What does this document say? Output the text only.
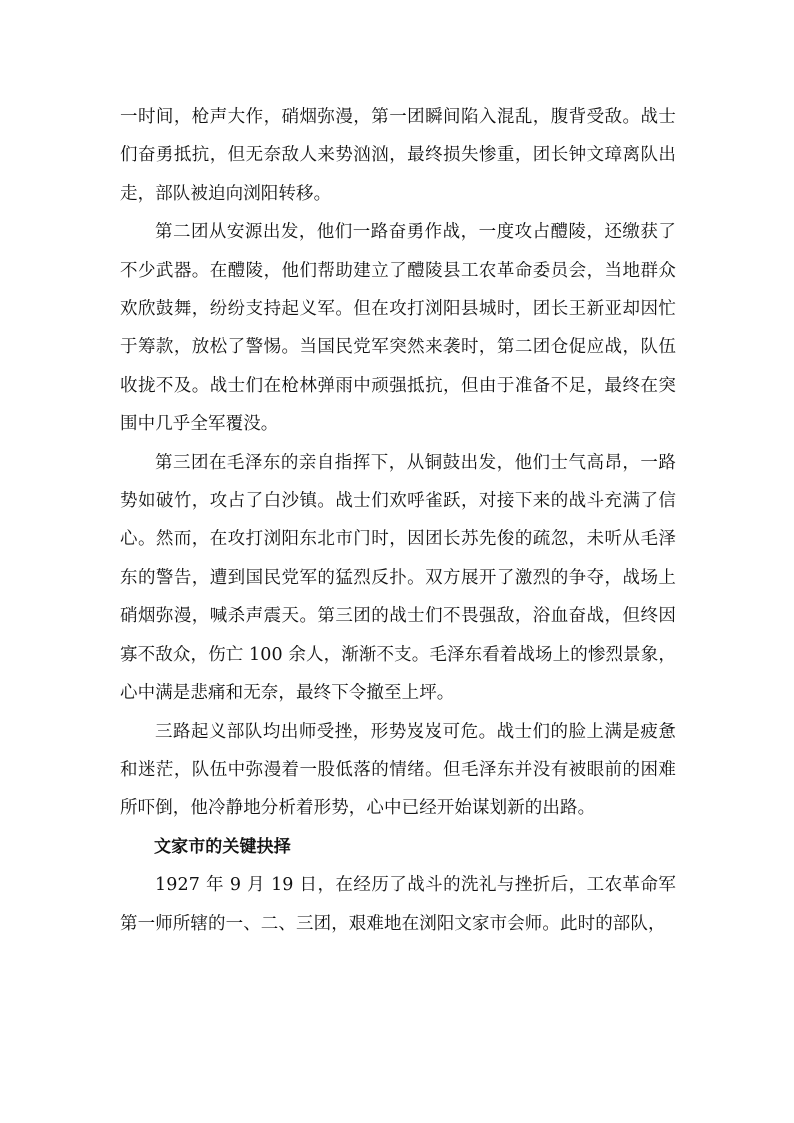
一时间，枪声大作，硝烟弥漫，第一团瞬间陷入混乱，腹背受敌。战士们奋勇抵抗，但无奈敌人来势汹汹，最终损失惨重，团长钟文璋离队出走，部队被迫向浏阳转移。

第二团从安源出发，他们一路奋勇作战，一度攻占醴陵，还缴获了不少武器。在醴陵，他们帮助建立了醴陵县工农革命委员会，当地群众欢欣鼓舞，纷纷支持起义军。但在攻打浏阳县城时，团长王新亚却因忙于筹款，放松了警惕。当国民党军突然来袭时，第二团仓促应战，队伍收拢不及。战士们在枪林弹雨中顽强抵抗，但由于准备不足，最终在突围中几乎全军覆没。

第三团在毛泽东的亲自指挥下，从铜鼓出发，他们士气高昂，一路势如破竹，攻占了白沙镇。战士们欢呼雀跃，对接下来的战斗充满了信心。然而，在攻打浏阳东北市门时，因团长苏先俊的疏忽，未听从毛泽东的警告，遭到国民党军的猛烈反扑。双方展开了激烈的争夺，战场上硝烟弥漫，喊杀声震天。第三团的战士们不畏强敌，浴血奋战，但终因寡不敌众，伤亡 100 余人，渐渐不支。毛泽东看着战场上的惨烈景象，心中满是悲痛和无奈，最终下令撤至上坪。

三路起义部队均出师受挫，形势岌岌可危。战士们的脸上满是疲惫和迷茫，队伍中弥漫着一股低落的情绪。但毛泽东并没有被眼前的困难所吓倒，他冷静地分析着形势，心中已经开始谋划新的出路。

文家市的关键抉择

1927 年 9 月 19 日，在经历了战斗的洗礼与挫折后，工农革命军第一师所辖的一、二、三团，艰难地在浏阳文家市会师。此时的部队，
